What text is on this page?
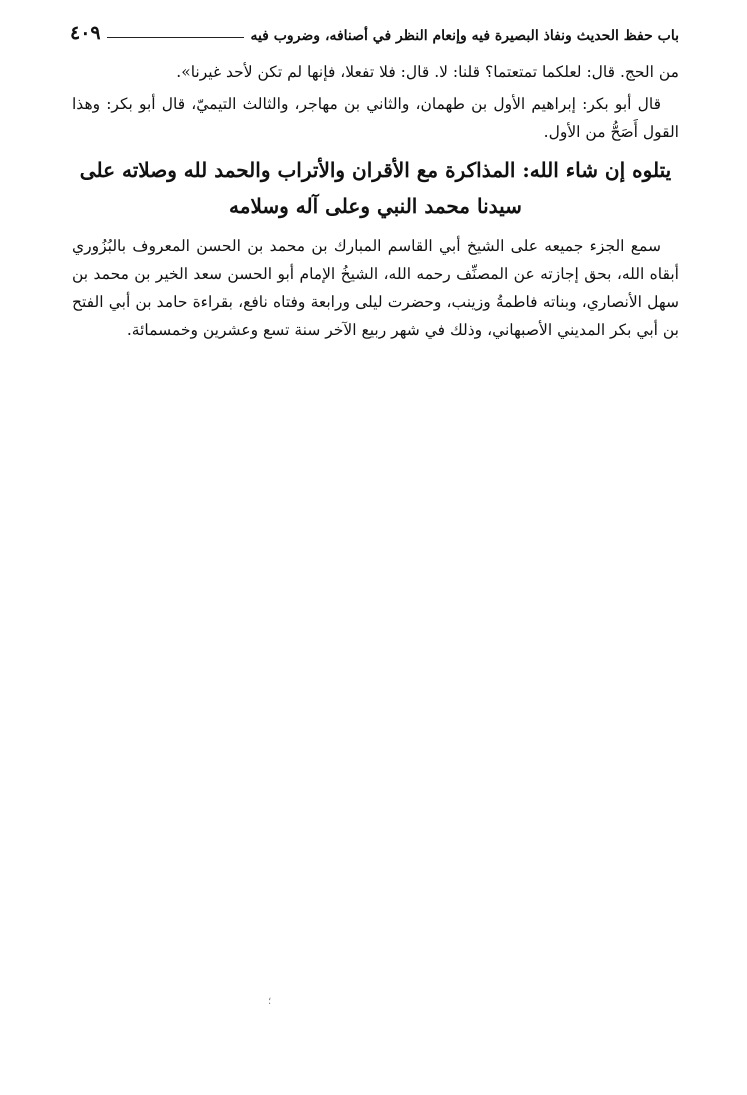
باب حفظ الحديث ونفاذ البصيرة فيه وإنعام النظر في أصنافه، وضروب فيه
٤٠٩

من الحج. قال: لعلكما تمتعتما؟ قلنا: لا. قال: فلا تفعلا، فإنها لم تكن لأحد غيرنا».

قال أبو بكر: إبراهيم الأول بن طهمان، والثاني بن مهاجر، والثالث التيميّ، قال أبو بكر: وهذا القول أَصَحُّ من الأول.

يتلوه إن شاء الله: المذاكرة مع الأقران والأتراب والحمد لله وصلاته على سيدنا محمد النبي وعلى آله وسلامه

سمع الجزء جميعه على الشيخ أبي القاسم المبارك بن محمد بن الحسن المعروف بالبُزُوري أبقاه الله، بحق إجازته عن المصنِّف رحمه الله، الشيخُ الإمام أبو الحسن سعد الخير بن محمد بن سهل الأنصاري، وبناته فاطمةُ وزينب، وحضرت ليلى ورابعة وفتاه نافع، بقراءة حامد بن أبي الفتح بن أبي بكر المديني الأصبهاني، وذلك في شهر ربيع الآخر سنة تسع وعشرين وخمسمائة.

؛
